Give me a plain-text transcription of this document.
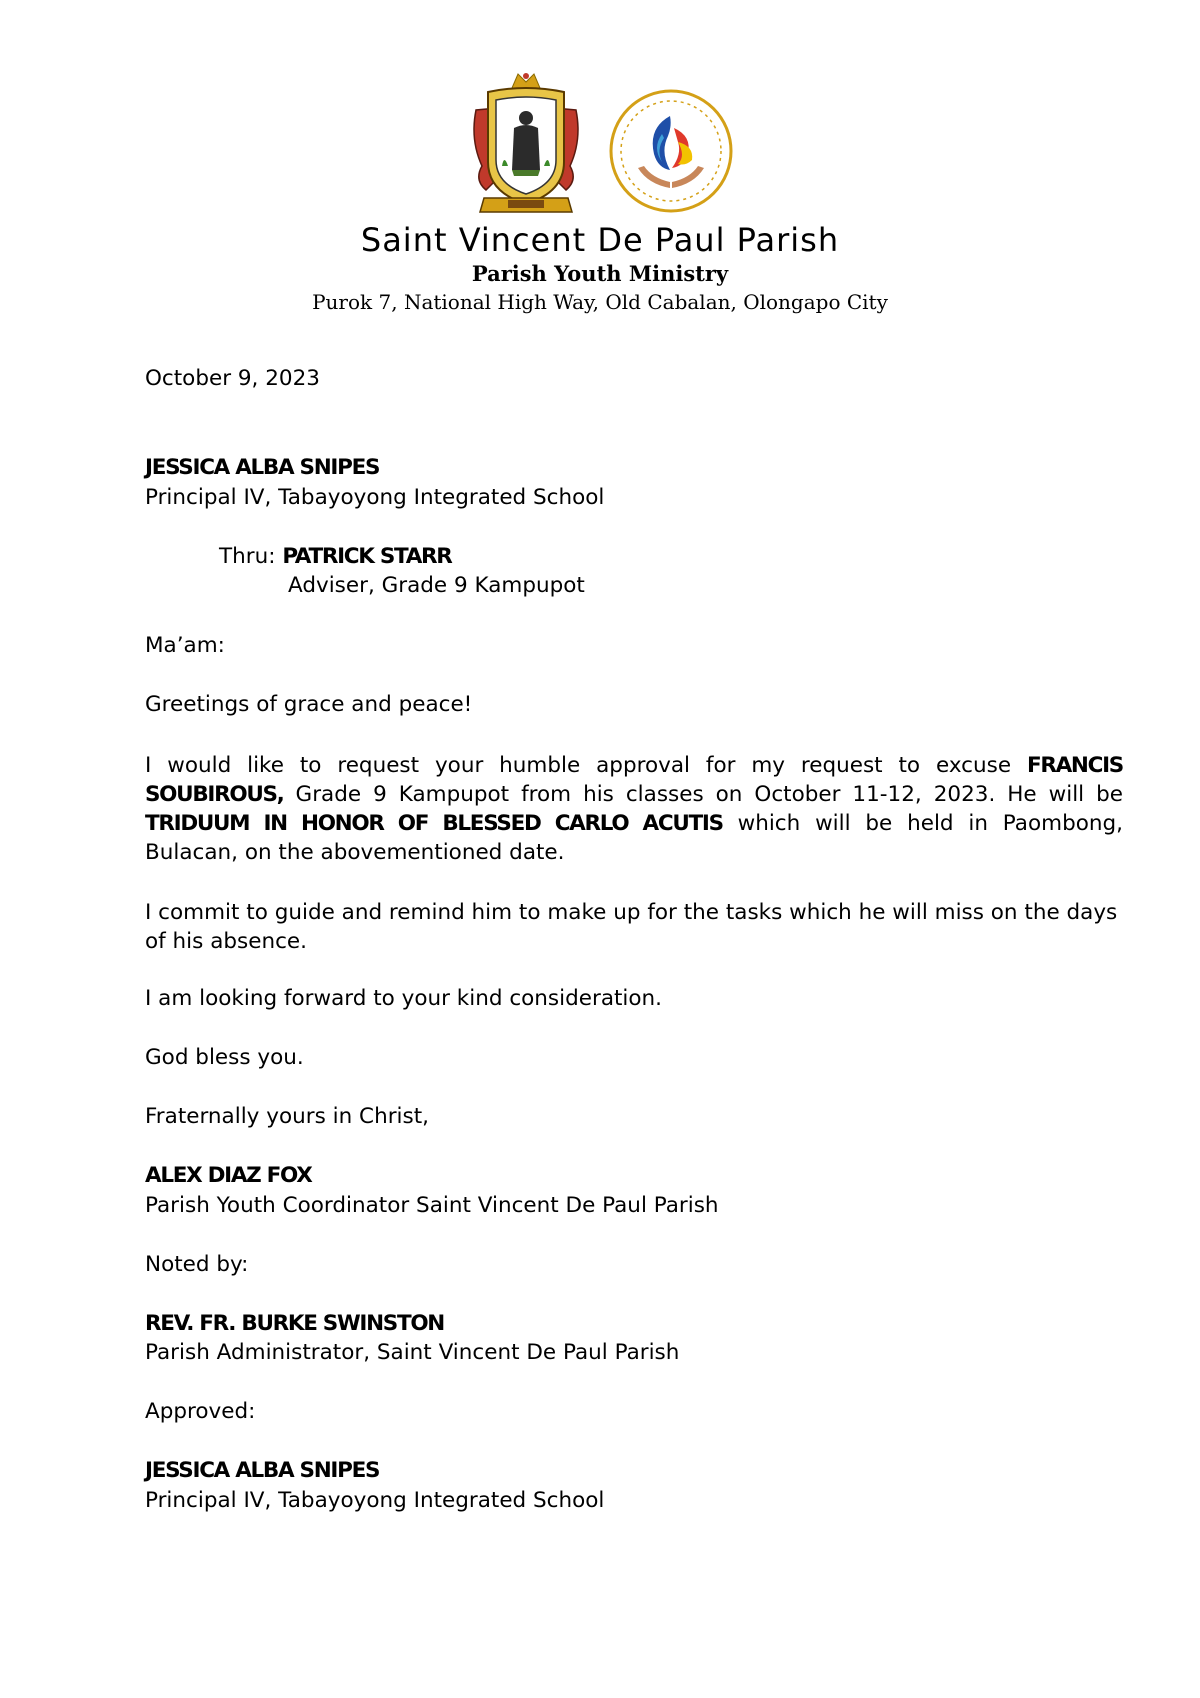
Saint Vincent De Paul Parish
Parish Youth Ministry
Purok 7, National High Way, Old Cabalan, Olongapo City
October 9, 2023
JESSICA ALBA SNIPES
Principal IV, Tabayoyong Integrated School
Thru: PATRICK STARR
Adviser, Grade 9 Kampupot
Ma’am:
Greetings of grace and peace!
I would like to request your humble approval for my request to excuse FRANCIS SOUBIROUS, Grade 9 Kampupot from his classes on October 11-12, 2023. He will be TRIDUUM IN HONOR OF BLESSED CARLO ACUTIS which will be held in Paombong, Bulacan, on the abovementioned date.
I commit to guide and remind him to make up for the tasks which he will miss on the days of his absence.
I am looking forward to your kind consideration.
God bless you.
Fraternally yours in Christ,
ALEX DIAZ FOX
Parish Youth Coordinator Saint Vincent De Paul Parish
Noted by:
REV. FR. BURKE SWINSTON
Parish Administrator, Saint Vincent De Paul Parish
Approved:
JESSICA ALBA SNIPES
Principal IV, Tabayoyong Integrated School
